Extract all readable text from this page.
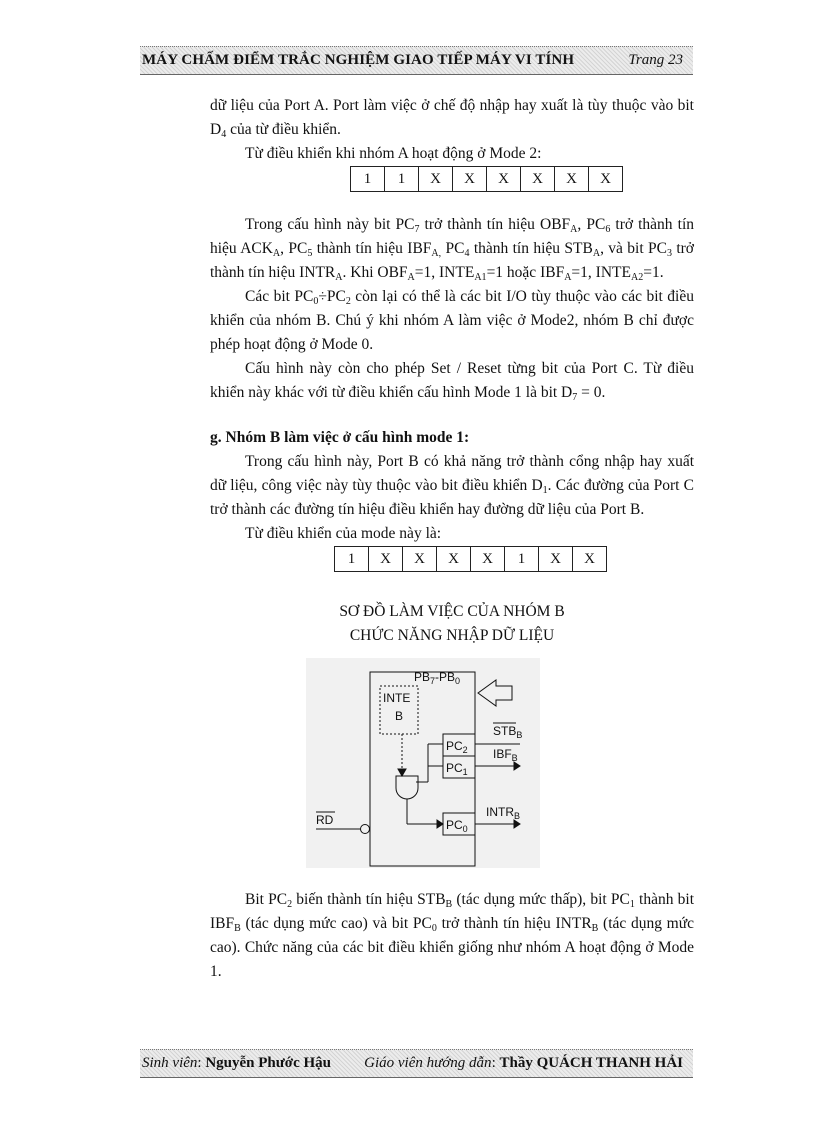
MÁY CHẤM ĐIỂM TRẮC NGHIỆM GIAO TIẾP MÁY VI TÍNH	Trang 23

dữ liệu của Port A. Port làm việc ở chế độ nhập hay xuất là tùy thuộc vào bit $D_4$ của từ điều khiển.

Từ điều khiển khi nhóm A hoạt động ở Mode 2:

1	1	X	X	X	X	X	X

Trong cấu hình này bit $PC_7$ trở thành tín hiệu $OBF_A$, $PC_6$ trở thành tín hiệu $ACK_A$, $PC_5$ thành tín hiệu $IBF_{A,}$ $PC_4$ thành tín hiệu $STB_A$, và bit $PC_3$ trở thành tín hiệu $INTR_A$. Khi $OBF_A=1$, $INTE_{A1}=1$ hoặc $IBF_A=1$, $INTE_{A2}=1$.

Các bit $PC_0\div PC_2$ còn lại có thể là các bit I/O tùy thuộc vào các bit điều khiển của nhóm B. Chú ý khi nhóm A làm việc ở Mode2, nhóm B chỉ được phép hoạt động ở Mode 0.

Cấu hình này còn cho phép Set / Reset từng bit của Port C. Từ điều khiển này khác với từ điều khiển cấu hình Mode 1 là bit $D_7 = 0$.

g. Nhóm B làm việc ở cấu hình mode 1:

Trong cấu hình này, Port B có khả năng trở thành cổng nhập hay xuất dữ liệu, công việc này tùy thuộc vào bit điều khiển $D_1$. Các đường của Port C trở thành các đường tín hiệu điều khiển hay đường dữ liệu của Port B.

Từ điều khiển của mode này là:

1	X	X	X	X	1	X	X

SƠ ĐỒ LÀM VIỆC CỦA NHÓM B

CHỨC NĂNG NHẬP DỮ LIỆU

$PB_7-PB_0$
INTE
B
$PC_2$
$PC_1$
$PC_0$
$STB_B$
$IBF_B$
$INTR_B$
RD

Bit $PC_2$ biến thành tín hiệu $STB_B$ (tác dụng mức thấp), bit $PC_1$ thành bit $IBF_B$ (tác dụng mức cao) và bit $PC_0$ trở thành tín hiệu $INTR_B$ (tác dụng mức cao). Chức năng của các bit điều khiển giống như nhóm A hoạt động ở Mode 1.

Sinh viên: Nguyễn Phước Hậu Giáo viên hướng dẫn: Thầy QUÁCH THANH HẢI
